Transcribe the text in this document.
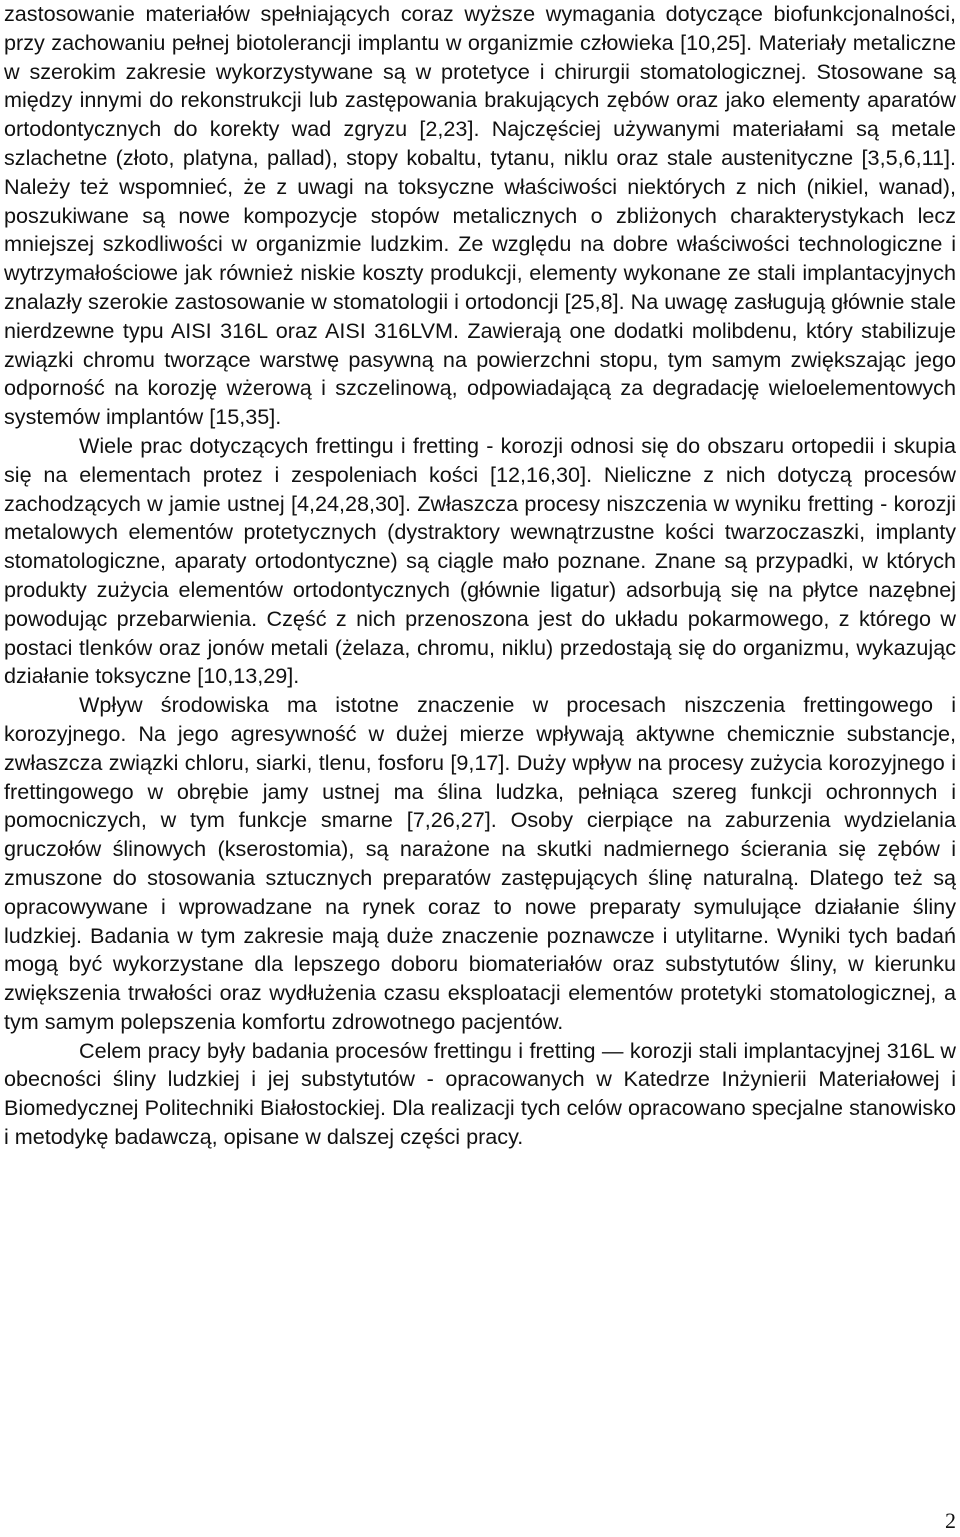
zastosowanie materiałów spełniających coraz wyższe wymagania dotyczące biofunkcjonalności, przy zachowaniu pełnej biotolerancji implantu w organizmie człowieka [10,25]. Materiały metaliczne w szerokim zakresie wykorzystywane są w protetyce i chirurgii stomatologicznej. Stosowane są między innymi do rekonstrukcji lub zastępowania brakujących zębów oraz jako elementy aparatów ortodontycznych do korekty wad zgryzu [2,23]. Najczęściej używanymi materiałami są metale szlachetne (złoto, platyna, pallad), stopy kobaltu, tytanu, niklu oraz stale austenityczne [3,5,6,11]. Należy też wspomnieć, że z uwagi na toksyczne właściwości niektórych z nich (nikiel, wanad), poszukiwane są nowe kompozycje stopów metalicznych o zbliżonych charakterystykach lecz mniejszej szkodliwości w organizmie ludzkim. Ze względu na dobre właściwości technologiczne i wytrzymałościowe jak również niskie koszty produkcji, elementy wykonane ze stali implantacyjnych znalazły szerokie zastosowanie w stomatologii i ortodoncji [25,8]. Na uwagę zasługują głównie stale nierdzewne typu AISI 316L oraz AISI 316LVM. Zawierają one dodatki molibdenu, który stabilizuje związki chromu tworzące warstwę pasywną na powierzchni stopu, tym samym zwiększając jego odporność na korozję wżerową i szczelinową, odpowiadającą za degradację wieloelementowych systemów implantów [15,35].

Wiele prac dotyczących frettingu i fretting - korozji odnosi się do obszaru ortopedii i skupia się na elementach protez i zespoleniach kości [12,16,30]. Nieliczne z nich dotyczą procesów zachodzących w jamie ustnej [4,24,28,30]. Zwłaszcza procesy niszczenia w wyniku fretting - korozji metalowych elementów protetycznych (dystraktory wewnątrzustne kości twarzoczaszki, implanty stomatologiczne, aparaty ortodontyczne) są ciągle mało poznane. Znane są przypadki, w których produkty zużycia elementów ortodontycznych (głównie ligatur) adsorbują się na płytce nazębnej powodując przebarwienia. Część z nich przenoszona jest do układu pokarmowego, z którego w postaci tlenków oraz jonów metali (żelaza, chromu, niklu) przedostają się do organizmu, wykazując działanie toksyczne [10,13,29].

Wpływ środowiska ma istotne znaczenie w procesach niszczenia frettingowego i korozyjnego. Na jego agresywność w dużej mierze wpływają aktywne chemicznie substancje, zwłaszcza związki chloru, siarki, tlenu, fosforu [9,17]. Duży wpływ na procesy zużycia korozyjnego i frettingowego w obrębie jamy ustnej ma ślina ludzka, pełniąca szereg funkcji ochronnych i pomocniczych, w tym funkcje smarne [7,26,27]. Osoby cierpiące na zaburzenia wydzielania gruczołów ślinowych (kserostomia), są narażone na skutki nadmiernego ścierania się zębów i zmuszone do stosowania sztucznych preparatów zastępujących ślinę naturalną. Dlatego też są opracowywane i wprowadzane na rynek coraz to nowe preparaty symulujące działanie śliny ludzkiej. Badania w tym zakresie mają duże znaczenie poznawcze i utylitarne. Wyniki tych badań mogą być wykorzystane dla lepszego doboru biomateriałów oraz substytutów śliny, w kierunku zwiększenia trwałości oraz wydłużenia czasu eksploatacji elementów protetyki stomatologicznej, a tym samym polepszenia komfortu zdrowotnego pacjentów.

Celem pracy były badania procesów frettingu i fretting — korozji stali implantacyjnej 316L w obecności śliny ludzkiej i jej substytutów - opracowanych w Katedrze Inżynierii Materiałowej i Biomedycznej Politechniki Białostockiej. Dla realizacji tych celów opracowano specjalne stanowisko i metodykę badawczą, opisane w dalszej części pracy.

2
